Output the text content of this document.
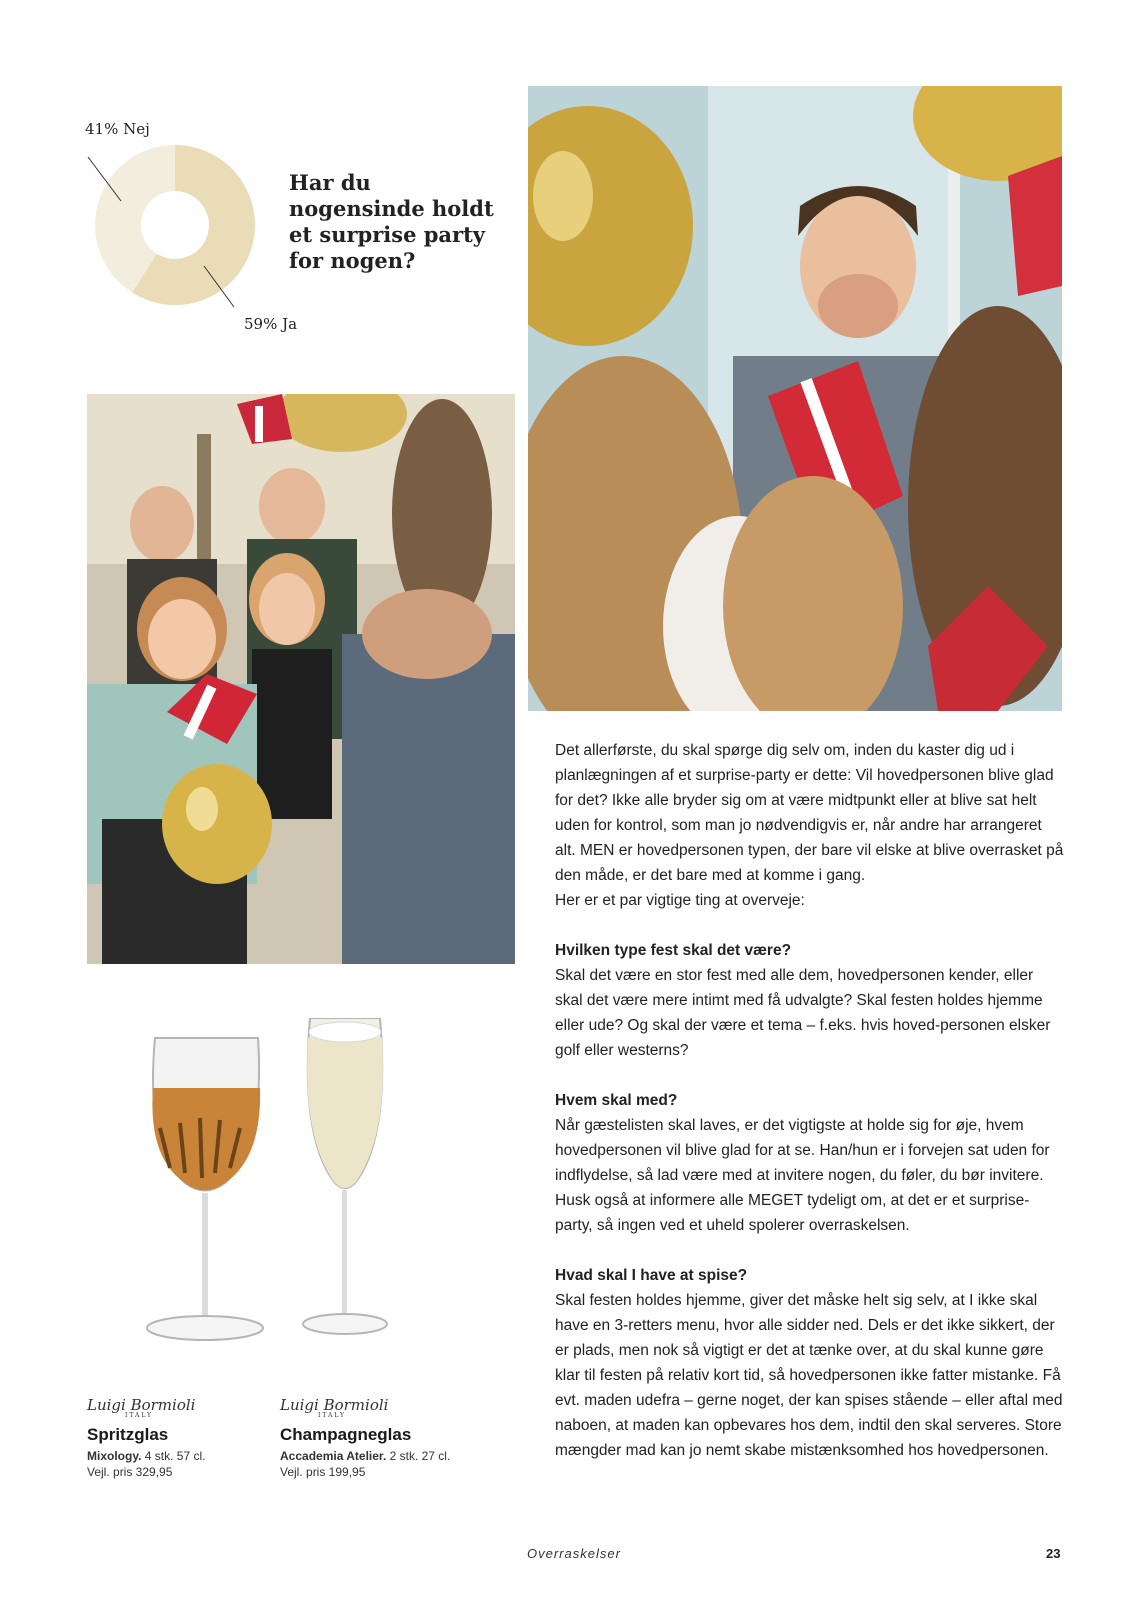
41% Nej
59% Ja
Har du nogensinde holdt et surprise party for nogen?
Luigi Bormioli
ITALY
Spritzglas
Mixology. 4 stk. 57 cl.
Vejl. pris 329,95
Luigi Bormioli
ITALY
Champagneglas
Accademia Atelier. 2 stk. 27 cl.
Vejl. pris 199,95

Det allerførste, du skal spørge dig selv om, inden du kaster dig ud i planlægningen af et surprise-party er dette: Vil hovedpersonen blive glad for det? Ikke alle bryder sig om at være midtpunkt eller at blive sat helt uden for kontrol, som man jo nødvendigvis er, når andre har arrangeret alt. MEN er hovedpersonen typen, der bare vil elske at blive overrasket på den måde, er det bare med at komme i gang.

Her er et par vigtige ting at overveje:

Hvilken type fest skal det være?

Skal det være en stor fest med alle dem, hovedpersonen kender, eller skal det være mere intimt med få udvalgte? Skal festen holdes hjemme eller ude? Og skal der være et tema – f.eks. hvis hoved-personen elsker golf eller westerns?

Hvem skal med?

Når gæstelisten skal laves, er det vigtigste at holde sig for øje, hvem hovedpersonen vil blive glad for at se. Han/hun er i forvejen sat uden for indflydelse, så lad være med at invitere nogen, du føler, du bør invitere. Husk også at informere alle MEGET tydeligt om, at det er et surprise-party, så ingen ved et uheld spolerer overraskelsen.

Hvad skal I have at spise?

Skal festen holdes hjemme, giver det måske helt sig selv, at I ikke skal have en 3-retters menu, hvor alle sidder ned. Dels er det ikke sikkert, der er plads, men nok så vigtigt er det at tænke over, at du skal kunne gøre klar til festen på relativ kort tid, så hovedpersonen ikke fatter mistanke. Få evt. maden udefra – gerne noget, der kan spises stående – eller aftal med naboen, at maden kan opbevares hos dem, indtil den skal serveres. Store mængder mad kan jo nemt skabe mistænksomhed hos hovedpersonen.

Overraskelser	23
